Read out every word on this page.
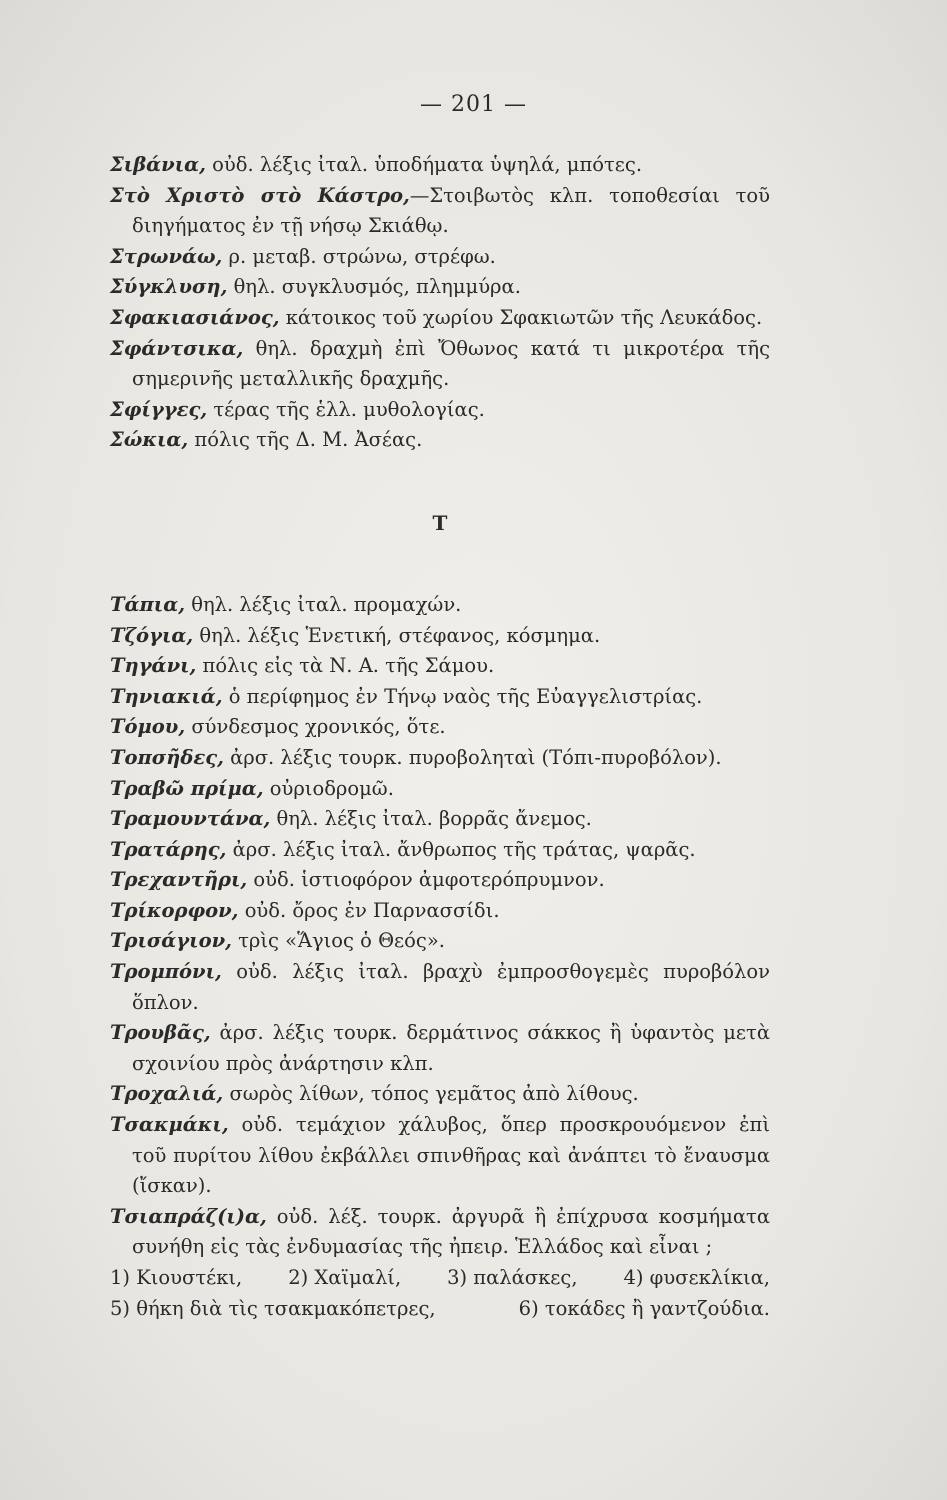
— 201 —

Σιβάνια, οὐδ. λέξις ἰταλ. ὑποδήματα ὑψηλά, μπότες.

Στὸ Χριστὸ στὸ Κάστρο,—Στοιβωτὸς κλπ. τοποθεσίαι τοῦ διηγήματος ἐν τῇ νήσῳ Σκιάθῳ.

Στρωνάω, ρ. μεταβ. στρώνω, στρέφω.

Σύγκλυση, θηλ. συγκλυσμός, πλημμύρα.

Σφακιασιάνος, κάτοικος τοῦ χωρίου Σφακιωτῶν τῆς Λευκάδος.

Σφάντσικα, θηλ. δραχμὴ ἐπὶ Ὄθωνος κατά τι μικροτέρα τῆς σημερινῆς μεταλλικῆς δραχμῆς.

Σφίγγες, τέρας τῆς ἑλλ. μυθολογίας.

Σώκια, πόλις τῆς Δ. Μ. Ἀσέας.

Τ

Τάπια, θηλ. λέξις ἰταλ. προμαχών.

Τζόγια, θηλ. λέξις Ἑνετική, στέφανος, κόσμημα.

Τηγάνι, πόλις εἰς τὰ Ν. Α. τῆς Σάμου.

Τηνιακιά, ὁ περίφημος ἐν Τήνῳ ναὸς τῆς Εὐαγγελιστρίας.

Τόμου, σύνδεσμος χρονικός, ὅτε.

Τοπσῆδες, ἀρσ. λέξις τουρκ. πυροβοληταὶ (Τόπι-πυροβόλον).

Τραβῶ πρίμα, οὐριοδρομῶ.

Τραμουντάνα, θηλ. λέξις ἰταλ. βορρᾶς ἄνεμος.

Τρατάρης, ἀρσ. λέξις ἰταλ. ἄνθρωπος τῆς τράτας, ψαρᾶς.

Τρεχαντῆρι, οὐδ. ἱστιοφόρον ἀμφοτερόπρυμνον.

Τρίκορφον, οὐδ. ὄρος ἐν Παρνασσίδι.

Τρισάγιον, τρὶς «Ἅγιος ὁ Θεός».

Τρομπόνι, οὐδ. λέξις ἰταλ. βραχὺ ἐμπροσθογεμὲς πυροβόλον ὅπλον.

Τρουβᾶς, ἀρσ. λέξις τουρκ. δερμάτινος σάκκος ἢ ὑφαντὸς μετὰ σχοινίου πρὸς ἀνάρτησιν κλπ.

Τροχαλιά, σωρὸς λίθων, τόπος γεμᾶτος ἀπὸ λίθους.

Τσακμάκι, οὐδ. τεμάχιον χάλυβος, ὅπερ προσκρουόμενον ἐπὶ τοῦ πυρίτου λίθου ἐκβάλλει σπινθῆρας καὶ ἀνάπτει τὸ ἔναυσμα (ἴσκαν).

Τσιαπράζ(ι)α, οὐδ. λέξ. τουρκ. ἀργυρᾶ ἢ ἐπίχρυσα κοσμήματα συνήθη εἰς τὰς ἐνδυμασίας τῆς ἠπειρ. Ἑλλάδος καὶ εἶναι ;

1) Κιουστέκι, 2) Χαϊμαλί, 3) παλάσκες, 4) φυσεκλίκια,
5) θήκη διὰ τὶς τσακμακόπετρες,	6) τοκάδες ἢ γαντζούδια.
